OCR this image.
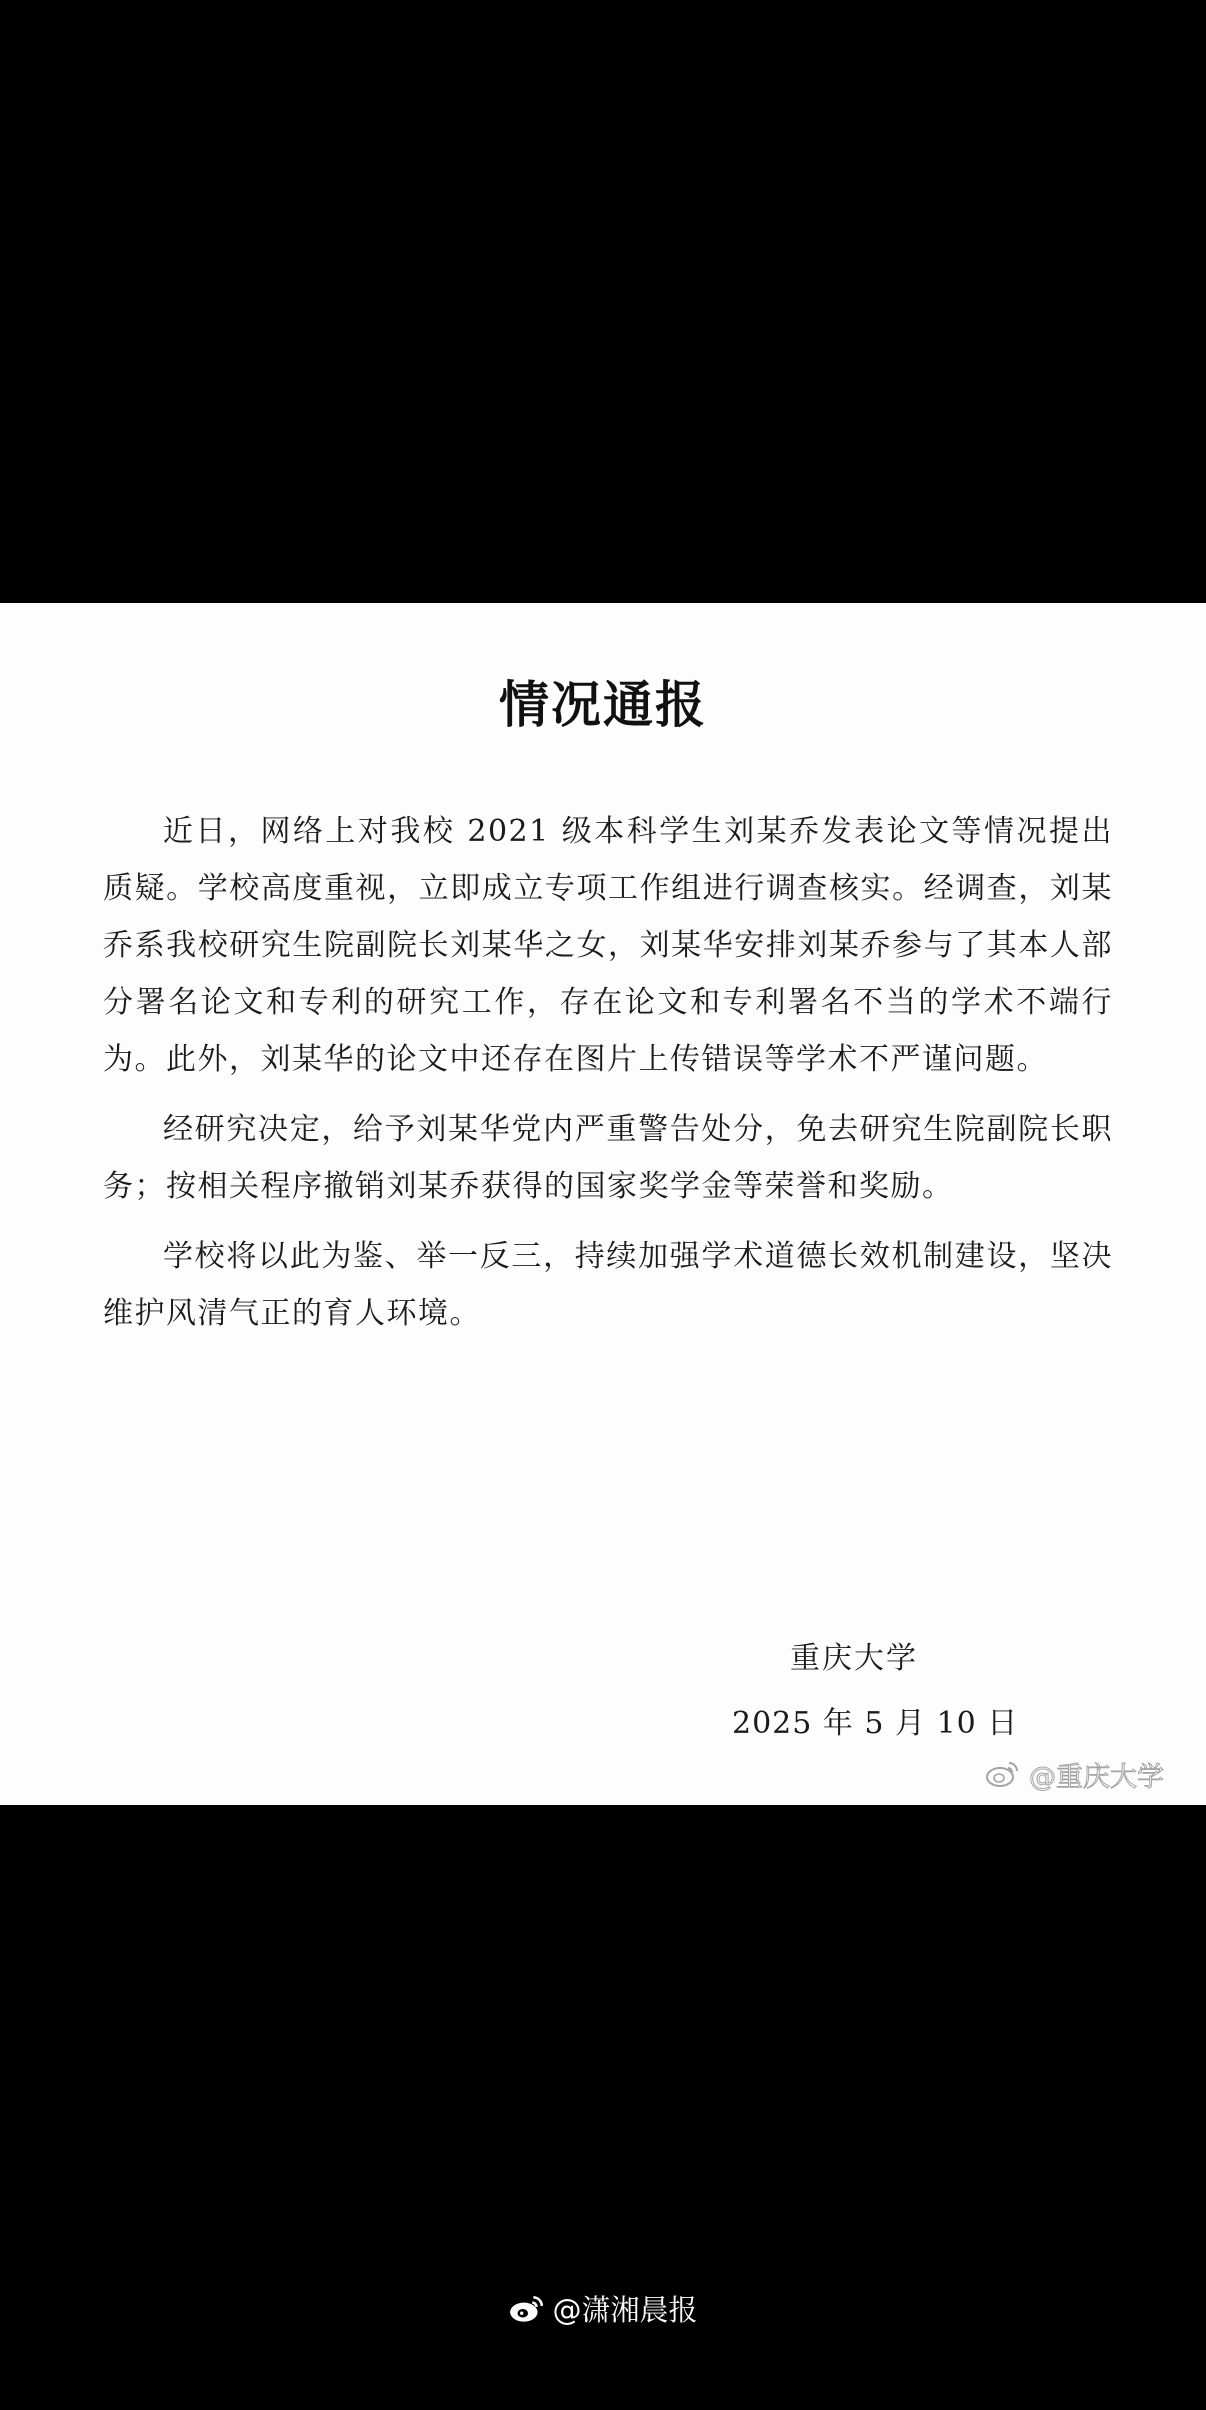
情况通报

近日，网络上对我校 2021 级本科学生刘某乔发表论文等情况提出质疑。学校高度重视，立即成立专项工作组进行调查核实。经调查，刘某乔系我校研究生院副院长刘某华之女，刘某华安排刘某乔参与了其本人部分署名论文和专利的研究工作，存在论文和专利署名不当的学术不端行为。此外，刘某华的论文中还存在图片上传错误等学术不严谨问题。

经研究决定，给予刘某华党内严重警告处分，免去研究生院副院长职务；按相关程序撤销刘某乔获得的国家奖学金等荣誉和奖励。

学校将以此为鉴、举一反三，持续加强学术道德长效机制建设，坚决维护风清气正的育人环境。

重庆大学
2025 年 5 月 10 日
@重庆大学
@潇湘晨报
